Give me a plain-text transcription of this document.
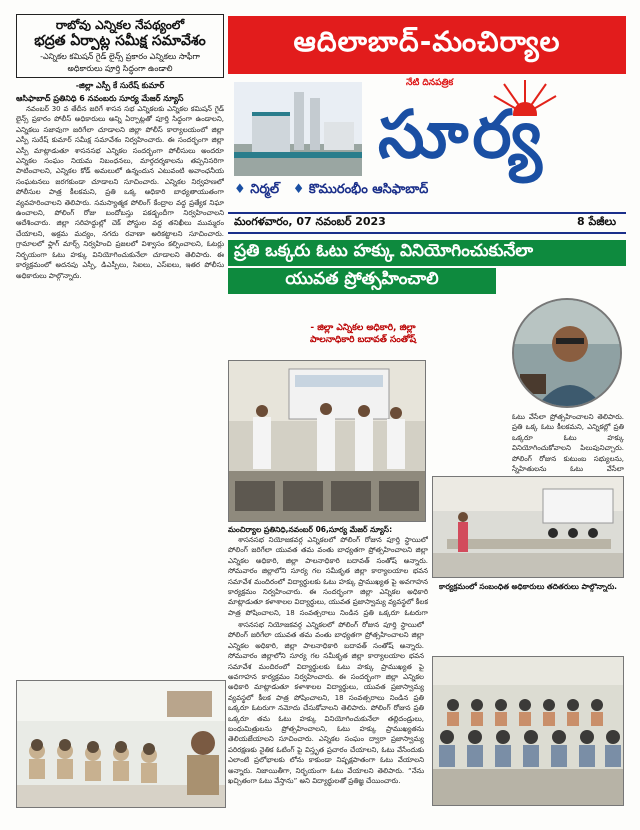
రాబోవు ఎన్నికల నేపథ్యంలో
భద్రత ఏర్పాట్ల సమీక్ష సమావేశం
-ఎన్నికల కమిషన్ గైడ్ లైన్స్ ప్రకారం ఎన్నికలు సాఫీగా
అధికారులు పూర్తి సిద్ధంగా ఉండాలి
-జిల్లా ఎస్పీ కే సురేష్ కుమార్
ఆసిఫాబాద్ ప్రతినిధి 6 నవంబరు సూర్య మేజర్ న్యూస్

నవంబర్ 30 వ తేదీన జరిగే శాసన సభ ఎన్నికలకు ఎన్నికల కమిషన్ గైడ్ లైన్స్ ప్రకారం పోలీస్ అధికారులు అన్ని ఏర్పాట్లతో పూర్తి సిద్ధంగా ఉండాలని, ఎన్నికలు సజావుగా జరిగేలా చూడాలని జిల్లా పోలీస్ కార్యాలయంలో జిల్లా ఎస్పీ సురేష్ కుమార్ సమీక్ష సమావేశం నిర్వహించారు. ఈ సందర్భంగా జిల్లా ఎస్పీ మాట్లాడుతూ శాసనసభ ఎన్నికల సందర్భంగా పోలీసులు అందరూ ఎన్నికల సంఘం నియమ నిబంధనలు, మార్గదర్శకాలను తప్పనిసరిగా పాటించాలని, ఎన్నికల కోడ్ అమలులో ఉన్నందున ఎటువంటి అవాంఛనీయ సంఘటనలు జరగకుండా చూడాలని సూచించారు. ఎన్నికల నిర్వహణలో పోలీసుల పాత్ర కీలకమని, ప్రతి ఒక్క అధికారి బాధ్యతాయుతంగా వ్యవహరించాలని తెలిపారు. సమస్యాత్మక పోలింగ్ కేంద్రాల వద్ద ప్రత్యేక నిఘా ఉంచాలని, పోలింగ్ రోజు బందోబస్తు పకడ్బందీగా నిర్వహించాలని ఆదేశించారు. జిల్లా సరిహద్దుల్లో చెక్ పోస్టుల వద్ద తనిఖీలు ముమ్మరం చేయాలని, అక్రమ మద్యం, నగదు రవాణా అరికట్టాలని సూచించారు. గ్రామాలలో ఫ్లాగ్ మార్చ్ నిర్వహించి ప్రజలలో విశ్వాసం కల్పించాలని, ఓటర్లు నిర్భయంగా ఓటు హక్కు వినియోగించుకునేలా చూడాలని తెలిపారు. ఈ కార్యక్రమంలో అదనపు ఎస్పీ, డిఎస్పీలు, సిఐలు, ఎస్ఐలు, ఇతర పోలీసు అధికారులు పాల్గొన్నారు.

ఆదిలాబాద్-మంచిర్యాల
నేటి దినపత్రిక
సూర్య
♦ నిర్మల్ ♦ కొమురంభీం ఆసిఫాబాద్
మంగళవారం, 07 నవంబర్ 2023	8 పేజీలు
ప్రతి ఒక్కరు ఓటు హక్కు వినియోగించుకునేలా
యువత ప్రోత్సహించాలి
- జిల్లా ఎన్నికల అధికారి, జిల్లా
పాలనాధికారి బదావత్ సంతోష్

ఓటు వేసేలా ప్రోత్సహించాలని తెలిపారు. ప్రతి ఒక్క ఓటు కీలకమని, ఎన్నికల్లో ప్రతి ఒక్కరూ ఓటు హక్కు వినియోగించుకోవాలని పిలుపునిచ్చారు. పోలింగ్ రోజున కుటుంబ సభ్యులను, స్నేహితులను ఓటు వేసేలా

మంచిర్యాల ప్రతినిధి,నవంబర్ 06,సూర్య మేజర్ న్యూస్:

శాసనసభ నియోజకవర్గ ఎన్నికలలో పోలింగ్ రోజున పూర్తి స్థాయిలో పోలింగ్ జరిగేలా యువత తమ వంతు బాధ్యతగా ప్రోత్సహించాలని జిల్లా ఎన్నికల అధికారి, జిల్లా పాలనాధికారి బదావత్ సంతోష్ అన్నారు. సోమవారం జిల్లాలోని సూర్య గల సమీకృత జిల్లా కార్యాలయాల భవన సమావేశ మందిరంలో విద్యార్థులకు ఓటు హక్కు ప్రాముఖ్యత పై అవగాహన కార్యక్రమం నిర్వహించారు. ఈ సందర్భంగా జిల్లా ఎన్నికల అధికారి మాట్లాడుతూ కళాశాలల విద్యార్థులు, యువత ప్రజాస్వామ్య వ్యవస్థలో కీలక పాత్ర పోషించాలని, 18 సంవత్సరాలు నిండిన ప్రతి ఒక్కరూ ఓటరుగా

శాసనసభ నియోజకవర్గ ఎన్నికలలో పోలింగ్ రోజున పూర్తి స్థాయిలో పోలింగ్ జరిగేలా యువత తమ వంతు బాధ్యతగా ప్రోత్సహించాలని జిల్లా ఎన్నికల అధికారి, జిల్లా పాలనాధికారి బదావత్ సంతోష్ అన్నారు. సోమవారం జిల్లాలోని సూర్య గల సమీకృత జిల్లా కార్యాలయాల భవన సమావేశ మందిరంలో విద్యార్థులకు ఓటు హక్కు ప్రాముఖ్యత పై అవగాహన కార్యక్రమం నిర్వహించారు. ఈ సందర్భంగా జిల్లా ఎన్నికల అధికారి మాట్లాడుతూ కళాశాలల విద్యార్థులు, యువత ప్రజాస్వామ్య వ్యవస్థలో కీలక పాత్ర పోషించాలని, 18 సంవత్సరాలు నిండిన ప్రతి ఒక్కరూ ఓటరుగా నమోదు చేసుకోవాలని తెలిపారు. పోలింగ్ రోజున ప్రతి ఒక్కరూ తమ ఓటు హక్కు వినియోగించుకునేలా తల్లిదండ్రులు, బంధుమిత్రులను ప్రోత్సహించాలని, ఓటు హక్కు ప్రాముఖ్యతను తెలియజేయాలని సూచించారు. ఎన్నికల సంఘం ద్వారా ప్రజాస్వామ్య పరిరక్షణకు నైతిక ఓటింగ్ పై విస్తృత ప్రచారం చేయాలని, ఓటు వేసేందుకు ఎలాంటి ప్రలోభాలకు లోను కాకుండా నిష్పక్షపాతంగా ఓటు వేయాలని అన్నారు. నిజాయితీగా, నిర్భయంగా ఓటు వేయాలని తెలిపారు. “నేను ఖచ్చితంగా ఓటు వేస్తాను” అని విద్యార్థులతో ప్రతిజ్ఞ చేయించారు.

కార్యక్రమంలో సంబంధిత అధికారులు తదితరులు పాల్గొన్నారు.
